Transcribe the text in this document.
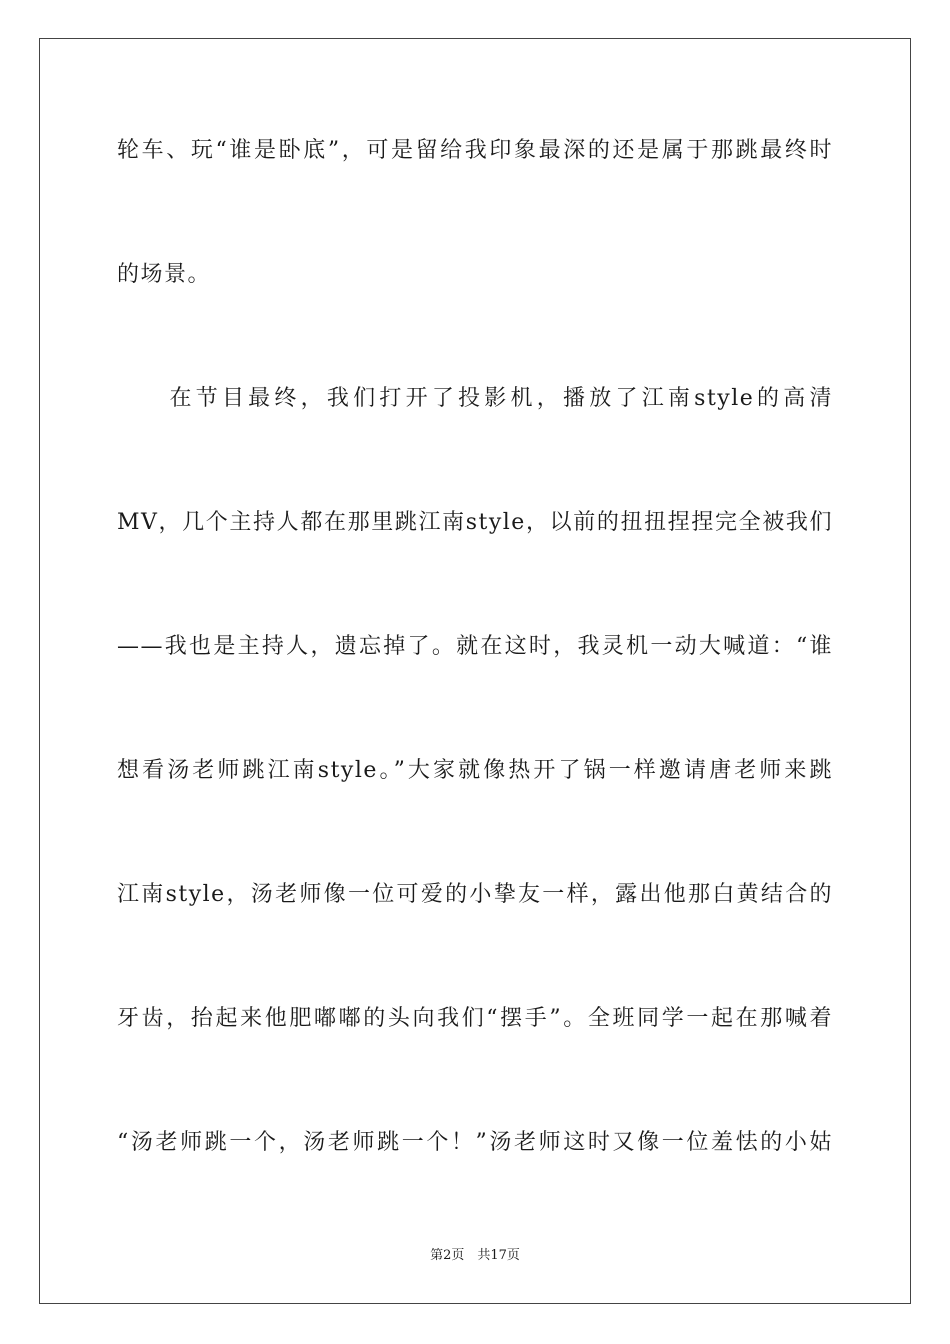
轮车、玩“谁是卧底”，可是留给我印象最深的还是属于那跳最终时
的场景。
　　在节目最终，我们打开了投影机，播放了江南style的高清
MV，几个主持人都在那里跳江南style，以前的扭扭捏捏完全被我们
——我也是主持人，遗忘掉了。就在这时，我灵机一动大喊道：“谁
想看汤老师跳江南style。”大家就像热开了锅一样邀请唐老师来跳
江南style，汤老师像一位可爱的小挚友一样，露出他那白黄结合的
牙齿，抬起来他肥嘟嘟的头向我们“摆手”。全班同学一起在那喊着
“汤老师跳一个，汤老师跳一个！”汤老师这时又像一位羞怯的小姑
第2页　共17页
